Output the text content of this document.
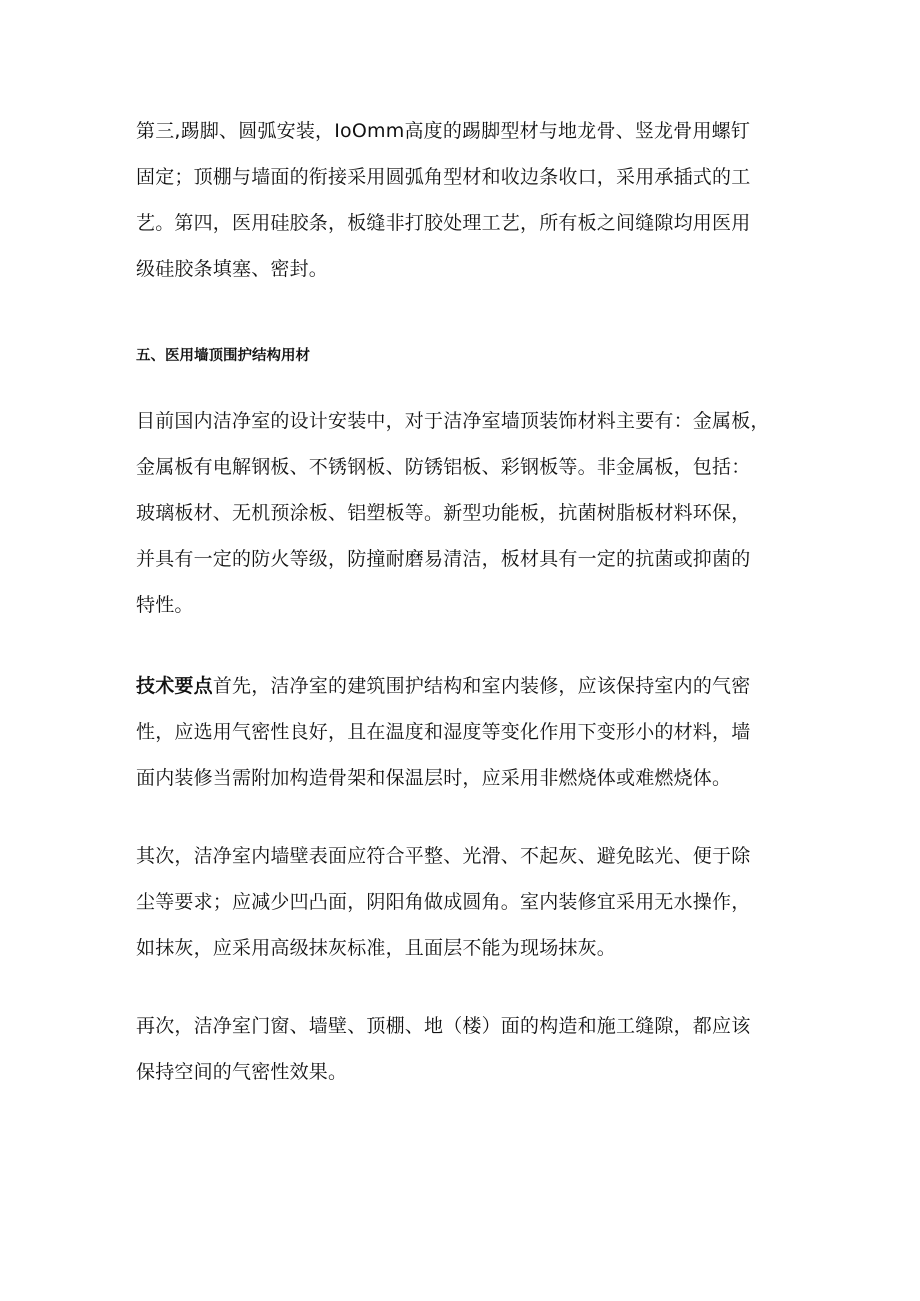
第三,踢脚、圆弧安装，IoOmm高度的踢脚型材与地龙骨、竖龙骨用螺钉
固定；顶棚与墙面的衔接采用圆弧角型材和收边条收口，采用承插式的工
艺。第四，医用硅胶条，板缝非打胶处理工艺，所有板之间缝隙均用医用
级硅胶条填塞、密封。

五、医用墙顶围护结构用材

目前国内洁净室的设计安装中，对于洁净室墙顶装饰材料主要有：金属板，
金属板有电解钢板、不锈钢板、防锈铝板、彩钢板等。非金属板，包括：
玻璃板材、无机预涂板、铝塑板等。新型功能板，抗菌树脂板材料环保，
并具有一定的防火等级，防撞耐磨易清洁，板材具有一定的抗菌或抑菌的
特性。

技术要点首先，洁净室的建筑围护结构和室内装修，应该保持室内的气密
性，应选用气密性良好，且在温度和湿度等变化作用下变形小的材料，墙
面内装修当需附加构造骨架和保温层时，应采用非燃烧体或难燃烧体。

其次，洁净室内墙壁表面应符合平整、光滑、不起灰、避免眩光、便于除
尘等要求；应减少凹凸面，阴阳角做成圆角。室内装修宜采用无水操作，
如抹灰，应采用高级抹灰标准，且面层不能为现场抹灰。

再次，洁净室门窗、墙壁、顶棚、地（楼）面的构造和施工缝隙，都应该
保持空间的气密性效果。
